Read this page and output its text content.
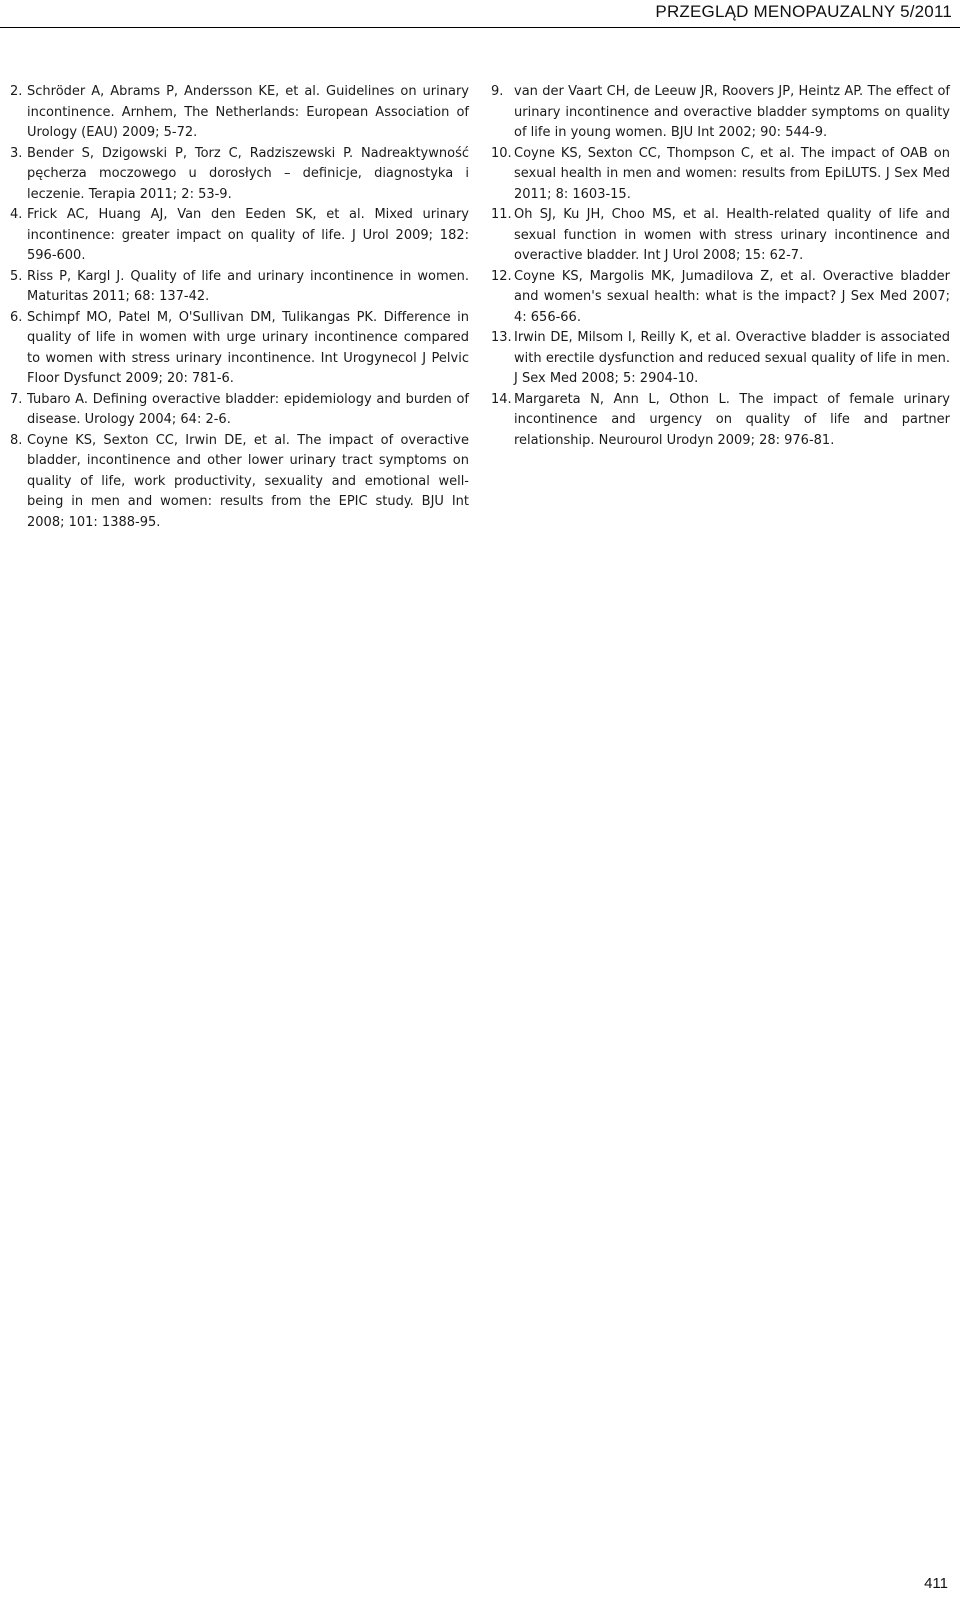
PRZEGLĄD MENOPAUZALNY 5/2011
2. Schröder A, Abrams P, Andersson KE, et al. Guidelines on urinary incontinence. Arnhem, The Netherlands: European Association of Urology (EAU) 2009; 5-72.
3. Bender S, Dzigowski P, Torz C, Radziszewski P. Nadreaktywność pęcherza moczowego u dorosłych – definicje, diagnostyka i leczenie. Terapia 2011; 2: 53-9.
4. Frick AC, Huang AJ, Van den Eeden SK, et al. Mixed urinary incontinence: greater impact on quality of life. J Urol 2009; 182: 596-600.
5. Riss P, Kargl J. Quality of life and urinary incontinence in women. Maturitas 2011; 68: 137-42.
6. Schimpf MO, Patel M, O'Sullivan DM, Tulikangas PK. Difference in quality of life in women with urge urinary incontinence compared to women with stress urinary incontinence. Int Urogynecol J Pelvic Floor Dysfunct 2009; 20: 781-6.
7. Tubaro A. Defining overactive bladder: epidemiology and burden of disease. Urology 2004; 64: 2-6.
8. Coyne KS, Sexton CC, Irwin DE, et al. The impact of overactive bladder, incontinence and other lower urinary tract symptoms on quality of life, work productivity, sexuality and emotional well-being in men and women: results from the EPIC study. BJU Int 2008; 101: 1388-95.
9. van der Vaart CH, de Leeuw JR, Roovers JP, Heintz AP. The effect of urinary incontinence and overactive bladder symptoms on quality of life in young women. BJU Int 2002; 90: 544-9.
10. Coyne KS, Sexton CC, Thompson C, et al. The impact of OAB on sexual health in men and women: results from EpiLUTS. J Sex Med 2011; 8: 1603-15.
11. Oh SJ, Ku JH, Choo MS, et al. Health-related quality of life and sexual function in women with stress urinary incontinence and overactive bladder. Int J Urol 2008; 15: 62-7.
12. Coyne KS, Margolis MK, Jumadilova Z, et al. Overactive bladder and women's sexual health: what is the impact? J Sex Med 2007; 4: 656-66.
13. Irwin DE, Milsom I, Reilly K, et al. Overactive bladder is associated with erectile dysfunction and reduced sexual quality of life in men. J Sex Med 2008; 5: 2904-10.
14. Margareta N, Ann L, Othon L. The impact of female urinary incontinence and urgency on quality of life and partner relationship. Neurourol Urodyn 2009; 28: 976-81.
411
